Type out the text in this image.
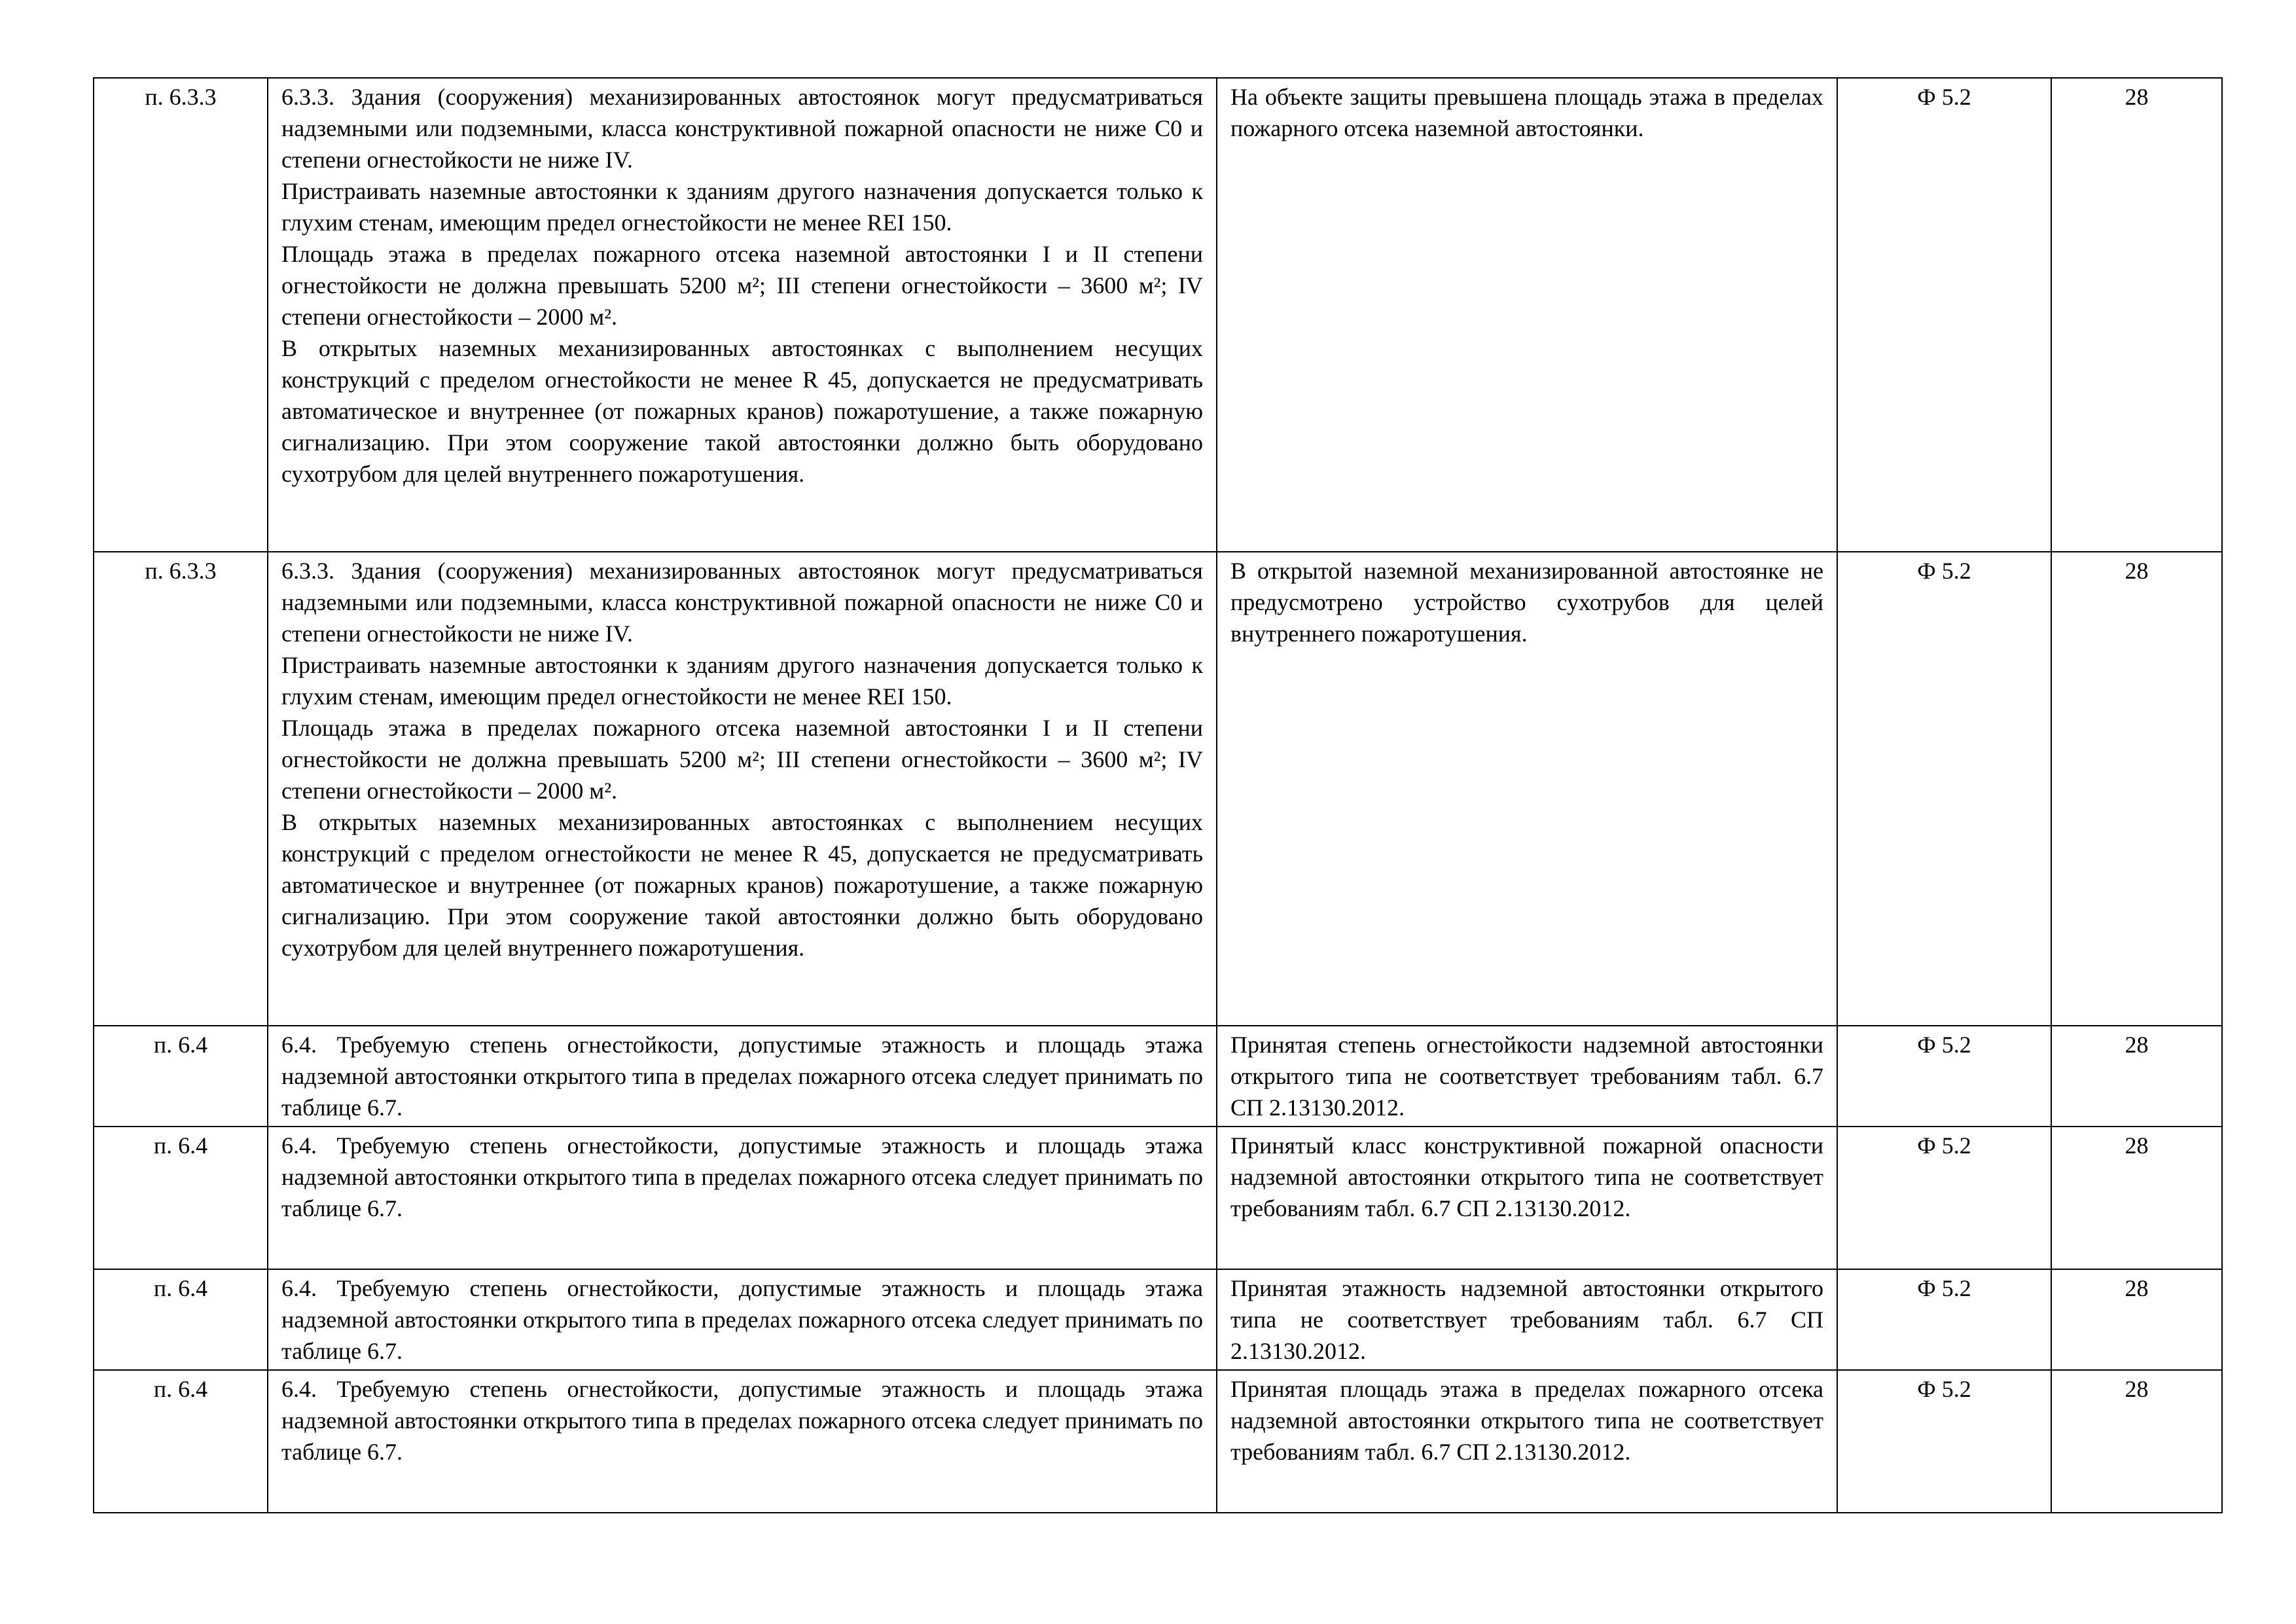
п. 6.3.3	6.3.3. Здания (сооружения) механизированных автостоянок могут предусматриваться надземными или подземными, класса конструктивной пожарной опасности не ниже С0 и степени огнестойкости не ниже IV.

Пристраивать наземные автостоянки к зданиям другого назначения допускается только к глухим стенам, имеющим предел огнестойкости не менее REI 150.

Площадь этажа в пределах пожарного отсека наземной автостоянки I и II степени огнестойкости не должна превышать 5200 м²; III степени огнестойкости – 3600 м²; IV степени огнестойкости – 2000 м².

В открытых наземных механизированных автостоянках с выполнением несущих конструкций с пределом огнестойкости не менее R 45, допускается не предусматривать автоматическое и внутреннее (от пожарных кранов) пожаротушение, а также пожарную сигнализацию. При этом сооружение такой автостоянки должно быть оборудовано сухотрубом для целей внутреннего пожаротушения.	На объекте защиты превышена площадь этажа в пределах пожарного отсека наземной автостоянки.	Ф 5.2	28
п. 6.3.3	6.3.3. Здания (сооружения) механизированных автостоянок могут предусматриваться надземными или подземными, класса конструктивной пожарной опасности не ниже С0 и степени огнестойкости не ниже IV.

Пристраивать наземные автостоянки к зданиям другого назначения допускается только к глухим стенам, имеющим предел огнестойкости не менее REI 150.

Площадь этажа в пределах пожарного отсека наземной автостоянки I и II степени огнестойкости не должна превышать 5200 м²; III степени огнестойкости – 3600 м²; IV степени огнестойкости – 2000 м².

В открытых наземных механизированных автостоянках с выполнением несущих конструкций с пределом огнестойкости не менее R 45, допускается не предусматривать автоматическое и внутреннее (от пожарных кранов) пожаротушение, а также пожарную сигнализацию. При этом сооружение такой автостоянки должно быть оборудовано сухотрубом для целей внутреннего пожаротушения.	В открытой наземной механизированной автостоянке не предусмотрено устройство сухотрубов для целей внутреннего пожаротушения.	Ф 5.2	28
п. 6.4	6.4. Требуемую степень огнестойкости, допустимые этажность и площадь этажа надземной автостоянки открытого типа в пределах пожарного отсека следует принимать по таблице 6.7.	Принятая степень огнестойкости надземной автостоянки открытого типа не соответствует требованиям табл. 6.7 СП 2.13130.2012.	Ф 5.2	28
п. 6.4	6.4. Требуемую степень огнестойкости, допустимые этажность и площадь этажа надземной автостоянки открытого типа в пределах пожарного отсека следует принимать по таблице 6.7.	Принятый класс конструктивной пожарной опасности надземной автостоянки открытого типа не соответствует требованиям табл. 6.7 СП 2.13130.2012.	Ф 5.2	28
п. 6.4	6.4. Требуемую степень огнестойкости, допустимые этажность и площадь этажа надземной автостоянки открытого типа в пределах пожарного отсека следует принимать по таблице 6.7.	Принятая этажность надземной автостоянки открытого типа не соответствует требованиям табл. 6.7 СП 2.13130.2012.	Ф 5.2	28
п. 6.4	6.4. Требуемую степень огнестойкости, допустимые этажность и площадь этажа надземной автостоянки открытого типа в пределах пожарного отсека следует принимать по таблице 6.7.	Принятая площадь этажа в пределах пожарного отсека надземной автостоянки открытого типа не соответствует требованиям табл. 6.7 СП 2.13130.2012.	Ф 5.2	28
